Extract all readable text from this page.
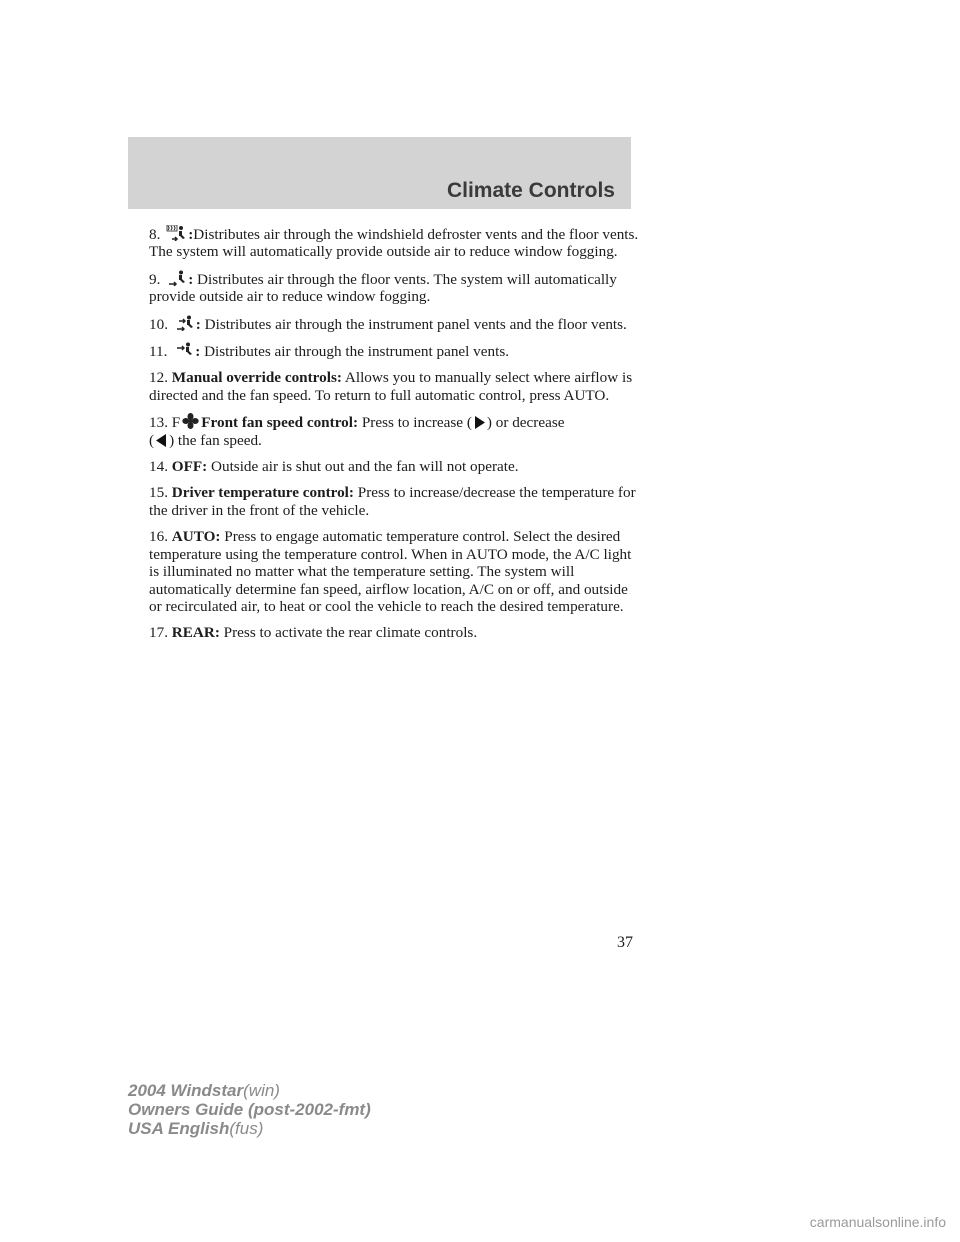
Climate Controls

8. :Distributes air through the windshield defroster vents and the floor vents. The system will automatically provide outside air to reduce window fogging.

9. : Distributes air through the floor vents. The system will automatically provide outside air to reduce window fogging.

10. : Distributes air through the instrument panel vents and the floor vents.

11. : Distributes air through the instrument panel vents.

12. Manual override controls: Allows you to manually select where airflow is directed and the fan speed. To return to full automatic control, press AUTO.

13. F Front fan speed control: Press to increase ( ) or decrease
( ) the fan speed.

14. OFF: Outside air is shut out and the fan will not operate.

15. Driver temperature control: Press to increase/decrease the temperature for the driver in the front of the vehicle.

16. AUTO: Press to engage automatic temperature control. Select the desired temperature using the temperature control. When in AUTO mode, the A/C light is illuminated no matter what the temperature setting. The system will automatically determine fan speed, airflow location, A/C on or off, and outside or recirculated air, to heat or cool the vehicle to reach the desired temperature.

17. REAR: Press to activate the rear climate controls.

37
2004 Windstar(win)
Owners Guide (post-2002-fmt)
USA English(fus)
carmanualsonline.info
